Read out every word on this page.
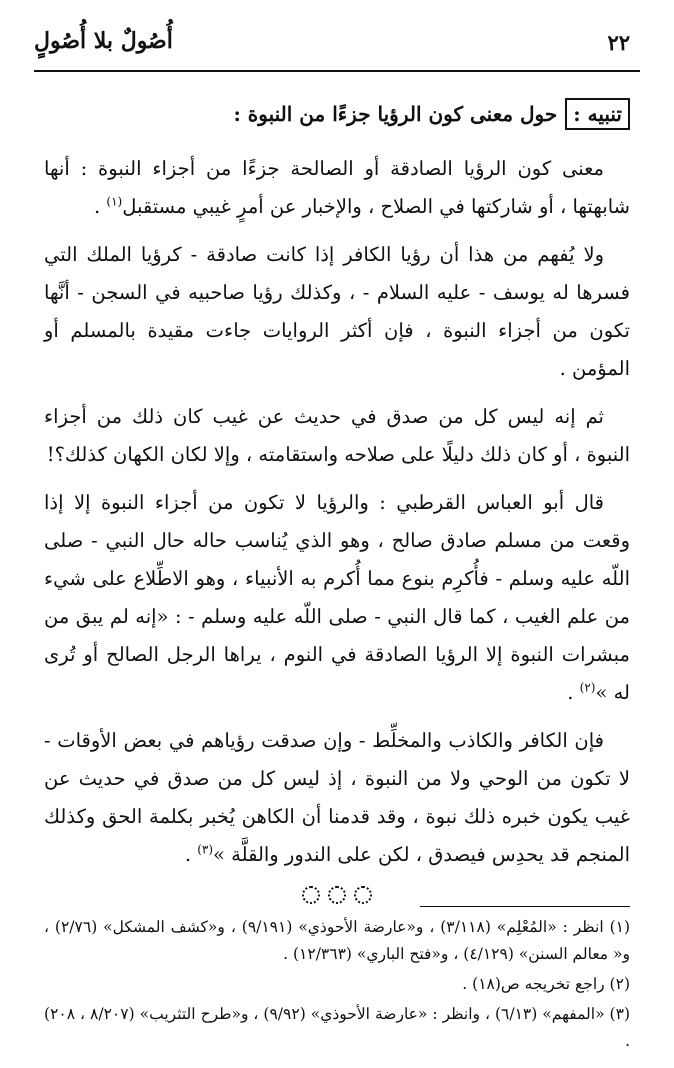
٢٢
أُصُولٌ بلا أُصُولٍ
تنبيه :حول معنى كون الرؤيا جزءًا من النبوة :

معنى كون الرؤيا الصادقة أو الصالحة جزءًا من أجزاء النبوة : أنها شابهتها ، أو شاركتها في الصلاح ، والإخبار عن أمرٍ غيبي مستقبل$^{(١)}$ .

ولا يُفهم من هذا أن رؤيا الكافر إذا كانت صادقة - كرؤيا الملك التي فسرها له يوسف - عليه السلام - ، وكذلك رؤيا صاحبيه في السجن - أنَّها تكون من أجزاء النبوة ، فإن أكثر الروايات جاءت مقيدة بالمسلم أو المؤمن .

ثم إنه ليس كل من صدق في حديث عن غيب كان ذلك من أجزاء النبوة ، أو كان ذلك دليلًا على صلاحه واستقامته ، وإلا لكان الكهان كذلك؟!

قال أبو العباس القرطبي : والرؤيا لا تكون من أجزاء النبوة إلا إذا وقعت من مسلم صادق صالح ، وهو الذي يُناسب حاله حال النبي - صلى اللّه عليه وسلم - فأُكرِم بنوع مما أُكرم به الأنبياء ، وهو الاطِّلاع على شيء من علم الغيب ، كما قال النبي - صلى اللّه عليه وسلم - : «إنه لم يبق من مبشرات النبوة إلا الرؤيا الصادقة في النوم ، يراها الرجل الصالح أو تُرى له »$^{(٢)}$ .

فإن الكافر والكاذب والمخلِّط - وإن صدقت رؤياهم في بعض الأوقات - لا تكون من الوحي ولا من النبوة ، إذ ليس كل من صدق في حديث عن غيب يكون خبره ذلك نبوة ، وقد قدمنا أن الكاهن يُخبر بكلمة الحق وكذلك المنجم قد يحدِس فيصدق ، لكن على الندور والقلَّة »$^{(٣)}$ .

(١) انظر : «المُعْلِم» (٣/١١٨) ، و«عارضة الأحوذي» (٩/١٩١) ، و«كشف المشكل» (٢/٧٦) ، و« معالم السنن» (٤/١٢٩) ، و«فتح الباري» (١٢/٣٦٣) .

(٢) راجع تخريجه ص(١٨) .

(٣) «المفهم» (٦/١٣) ، وانظر : «عارضة الأحوذي» (٩/٩٢) ، و«طرح التثريب» (٨/٢٠٧ ، ٢٠٨) .
